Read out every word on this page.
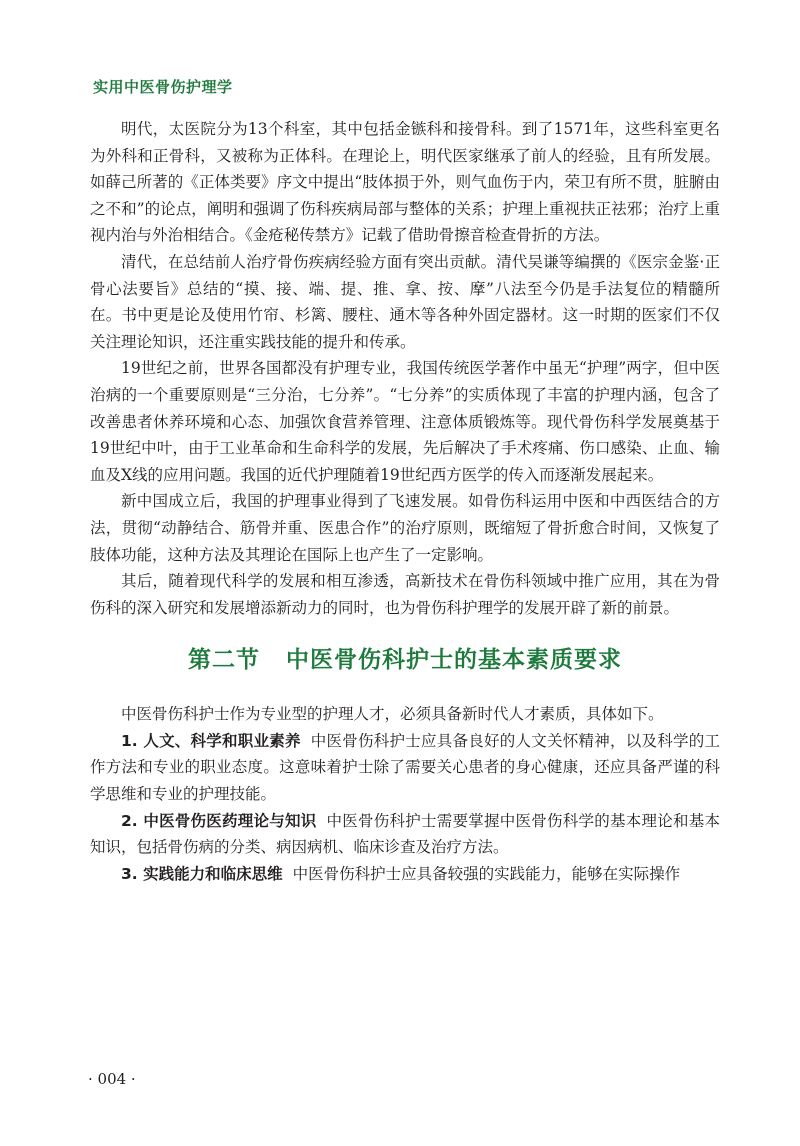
实用中医骨伤护理学

明代，太医院分为13个科室，其中包括金镞科和接骨科。到了1571年，这些科室更名为外科和正骨科，又被称为正体科。在理论上，明代医家继承了前人的经验，且有所发展。如薛己所著的《正体类要》序文中提出“肢体损于外，则气血伤于内，荣卫有所不贯，脏腑由之不和”的论点，阐明和强调了伤科疾病局部与整体的关系；护理上重视扶正祛邪；治疗上重视内治与外治相结合。《金疮秘传禁方》记载了借助骨擦音检查骨折的方法。

清代，在总结前人治疗骨伤疾病经验方面有突出贡献。清代吴谦等编撰的《医宗金鉴·正骨心法要旨》总结的“摸、接、端、提、推、拿、按、摩”八法至今仍是手法复位的精髓所在。书中更是论及使用竹帘、杉篱、腰柱、通木等各种外固定器材。这一时期的医家们不仅关注理论知识，还注重实践技能的提升和传承。

19世纪之前，世界各国都没有护理专业，我国传统医学著作中虽无“护理”两字，但中医治病的一个重要原则是“三分治，七分养”。“七分养”的实质体现了丰富的护理内涵，包含了改善患者休养环境和心态、加强饮食营养管理、注意体质锻炼等。现代骨伤科学发展奠基于19世纪中叶，由于工业革命和生命科学的发展，先后解决了手术疼痛、伤口感染、止血、输血及X线的应用问题。我国的近代护理随着19世纪西方医学的传入而逐渐发展起来。

新中国成立后，我国的护理事业得到了飞速发展。如骨伤科运用中医和中西医结合的方法，贯彻“动静结合、筋骨并重、医患合作”的治疗原则，既缩短了骨折愈合时间，又恢复了肢体功能，这种方法及其理论在国际上也产生了一定影响。

其后，随着现代科学的发展和相互渗透，高新技术在骨伤科领域中推广应用，其在为骨伤科的深入研究和发展增添新动力的同时，也为骨伤科护理学的发展开辟了新的前景。

第二节 中医骨伤科护士的基本素质要求

中医骨伤科护士作为专业型的护理人才，必须具备新时代人才素质，具体如下。

1. 人文、科学和职业素养 中医骨伤科护士应具备良好的人文关怀精神，以及科学的工作方法和专业的职业态度。这意味着护士除了需要关心患者的身心健康，还应具备严谨的科学思维和专业的护理技能。

2. 中医骨伤医药理论与知识 中医骨伤科护士需要掌握中医骨伤科学的基本理论和基本知识，包括骨伤病的分类、病因病机、临床诊查及治疗方法。

3. 实践能力和临床思维 中医骨伤科护士应具备较强的实践能力，能够在实际操作

· 004 ·
